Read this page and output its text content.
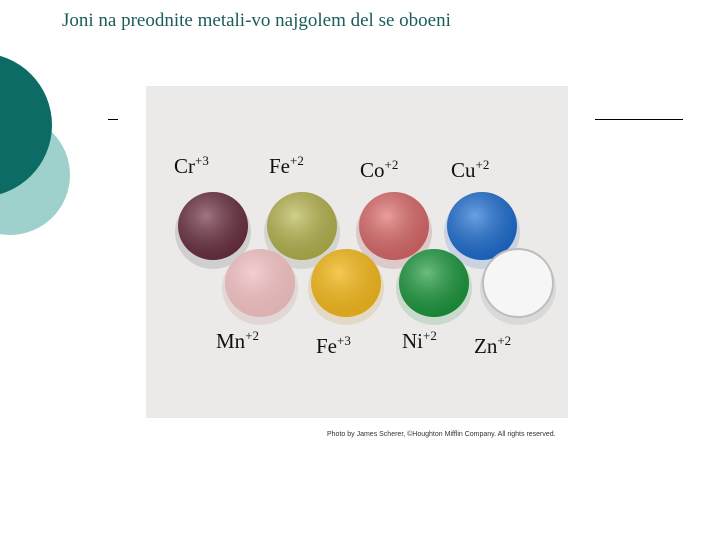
Joni na preodnite metali-vo najgolem del se oboeni
$Cr^{+3}$	$Fe^{+2}$	$Co^{+2}$	$Cu^{+2}$
$Mn^{+2}$	$Fe^{+3}$ $Ni^{+2}$ $Zn^{+2}$
Photo by James Scherer, ©Houghton Mifflin Company. All rights reserved.
